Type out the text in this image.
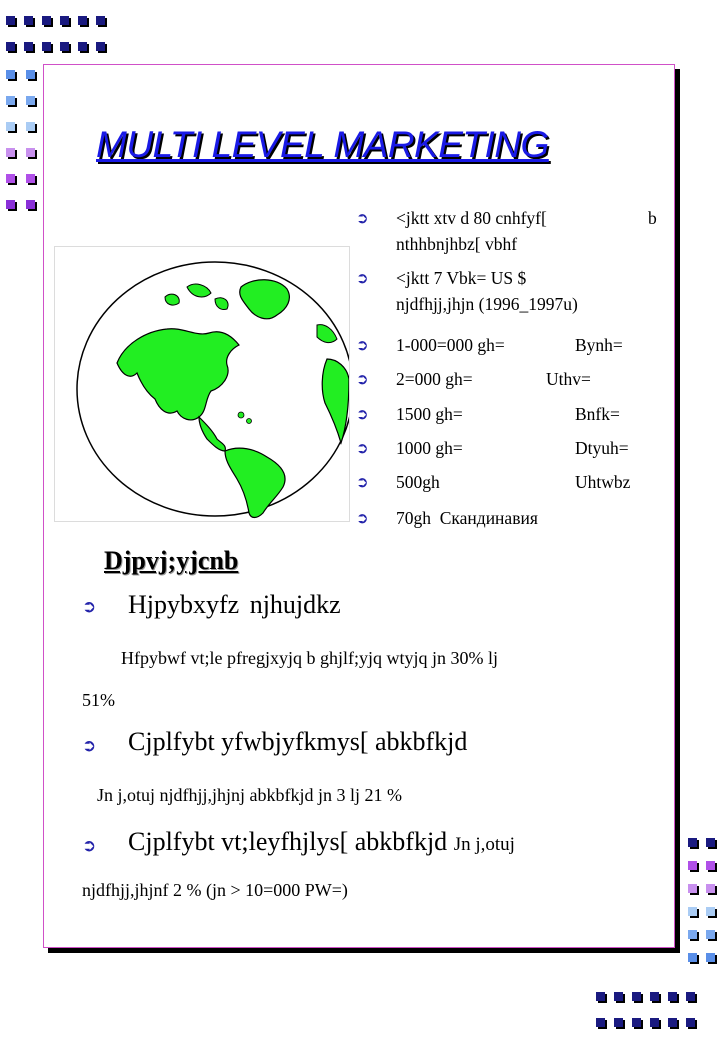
MULTI LEVEL MARKETING
➲ <jktt xtv d 80 cnhfyf[	b
nthhbnjhbz[ vbhf
➲ <jktt 7 Vbk= US $
njdfhjj,jhjn (1996_1997u)
➲ 1-000=000 gh=	Bynh=
➲ 2=000 gh=	Uthv=
➲ 1500 gh=	Bnfk=
➲ 1000 gh=	Dtyuh=
➲ 500gh	Uhtwbz
➲ 70gh  Скандинавия
Djpvj;yjcnb
➲ Hjpybxyfz njhujdkz
Hfpybwf vt;le pfregjxyjq b ghjlf;yjq wtyjq jn 30% lj
51%
➲ Cjplfybt yfwbjyfkmys[ abkbfkjd
Jn j,otuj njdfhjj,jhjnj abkbfkjd jn 3 lj 21 %
➲ Cjplfybt vt;leyfhjlys[ abkbfkjd Jn j,otuj
njdfhjj,jhjnf 2 % (jn > 10=000 PW=)
